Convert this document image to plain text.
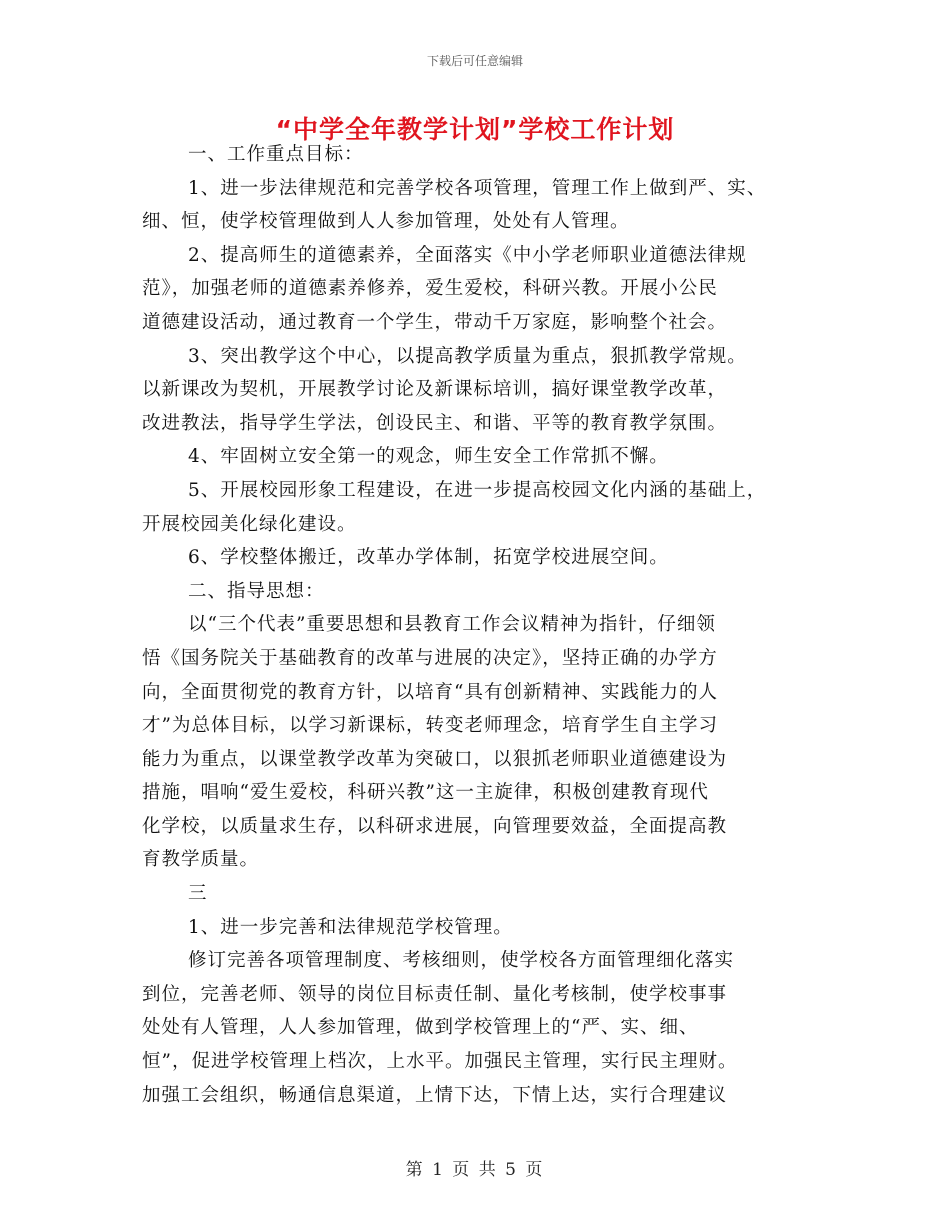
下载后可任意编辑
“中学全年教学计划”学校工作计划
一、工作重点目标：
1、进一步法律规范和完善学校各项管理，管理工作上做到严、实、
细、恒，使学校管理做到人人参加管理，处处有人管理。
2、提高师生的道德素养，全面落实《中小学老师职业道德法律规
范》，加强老师的道德素养修养，爱生爱校，科研兴教。开展小公民
道德建设活动，通过教育一个学生，带动千万家庭，影响整个社会。
3、突出教学这个中心，以提高教学质量为重点，狠抓教学常规。
以新课改为契机，开展教学讨论及新课标培训，搞好课堂教学改革，
改进教法，指导学生学法，创设民主、和谐、平等的教育教学氛围。
4、牢固树立安全第一的观念，师生安全工作常抓不懈。
5、开展校园形象工程建设，在进一步提高校园文化内涵的基础上，
开展校园美化绿化建设。
6、学校整体搬迁，改革办学体制，拓宽学校进展空间。
二、指导思想：
以“三个代表”重要思想和县教育工作会议精神为指针，仔细领
悟《国务院关于基础教育的改革与进展的决定》，坚持正确的办学方
向，全面贯彻党的教育方针，以培育“具有创新精神、实践能力的人
才”为总体目标，以学习新课标，转变老师理念，培育学生自主学习
能力为重点，以课堂教学改革为突破口，以狠抓老师职业道德建设为
措施，唱响“爱生爱校，科研兴教”这一主旋律，积极创建教育现代
化学校，以质量求生存，以科研求进展，向管理要效益，全面提高教
育教学质量。
三
1、进一步完善和法律规范学校管理。
修订完善各项管理制度、考核细则，使学校各方面管理细化落实
到位，完善老师、领导的岗位目标责任制、量化考核制，使学校事事
处处有人管理，人人参加管理，做到学校管理上的“严、实、细、
恒”，促进学校管理上档次，上水平。加强民主管理，实行民主理财。
加强工会组织，畅通信息渠道，上情下达，下情上达，实行合理建议
第 1 页 共 5 页
